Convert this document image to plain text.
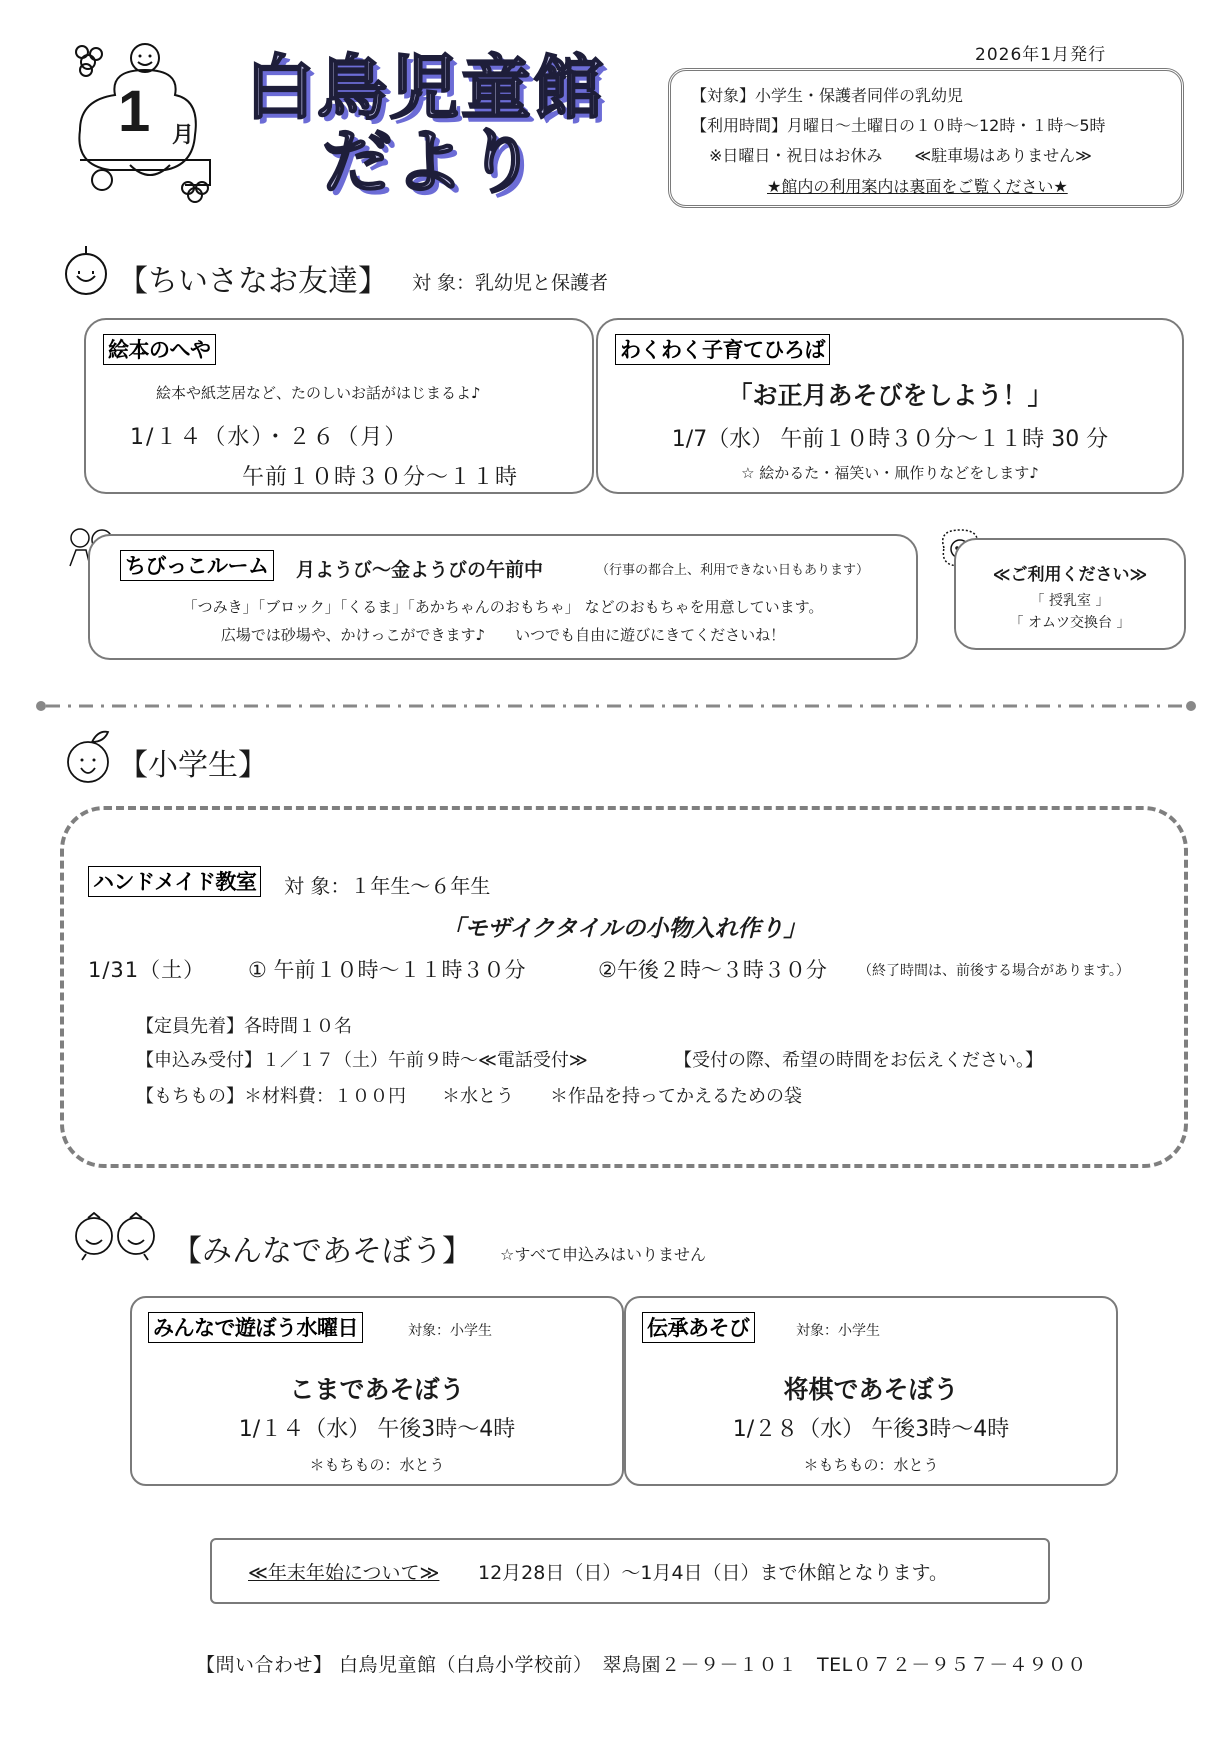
1 月
白鳥児童館
だより
2026年1月発行
【対象】小学生・保護者同伴の乳幼児
【利用時間】月曜日～土曜日の１０時～12時・１時～5時
※日曜日・祝日はお休み　　≪駐車場はありません≫
★館内の利用案内は裏面をご覧ください★
【ちいさなお友達】 対 象：乳幼児と保護者
絵本のへや
絵本や紙芝居など、たのしいお話がはじまるよ♪
1/１４（水）・２６（月）
午前１０時３０分～１１時
わくわく子育てひろば
「お正月あそびをしよう！」
1/7（水） 午前１０時３０分～１１時 30 分
☆ 絵かるた・福笑い・凧作りなどをします♪
ちびっこルーム 月ようび～金ようびの午前中	（行事の都合上、利用できない日もあります）
「つみき」「ブロック」「くるま」「あかちゃんのおもちゃ」 などのおもちゃを用意しています。
広場では砂場や、かけっこができます♪　　いつでも自由に遊びにきてくださいね！
≪ご利用ください≫
「 授乳室 」
「 オムツ交換台 」
【小学生】
ハンドメイド教室 対 象：１年生～６年生
「モザイクタイルの小物入れ作り」
1/31（土） ① 午前１０時～１１時３０分	②午後２時～３時３０分 （終了時間は、前後する場合があります。）
【定員先着】各時間１０名
【申込み受付】１／１７（土）午前９時～≪電話受付≫	【受付の際、希望の時間をお伝えください。】
【もちもの】＊材料費：１００円　　＊水とう　　＊作品を持ってかえるための袋
【みんなであそぼう】 ☆すべて申込みはいりません
みんなで遊ぼう水曜日	対象：小学生
こまであそぼう
1/１４（水） 午後3時～4時
＊もちもの：水とう
伝承あそび	対象：小学生
将棋であそぼう
1/２８（水） 午後3時～4時
＊もちもの：水とう
≪年末年始について≫ 12月28日（日）～1月4日（日）まで休館となります。
【問い合わせ】 白鳥児童館（白鳥小学校前）　翠鳥園２－９－１０１　TEL０７２－９５７－４９００
